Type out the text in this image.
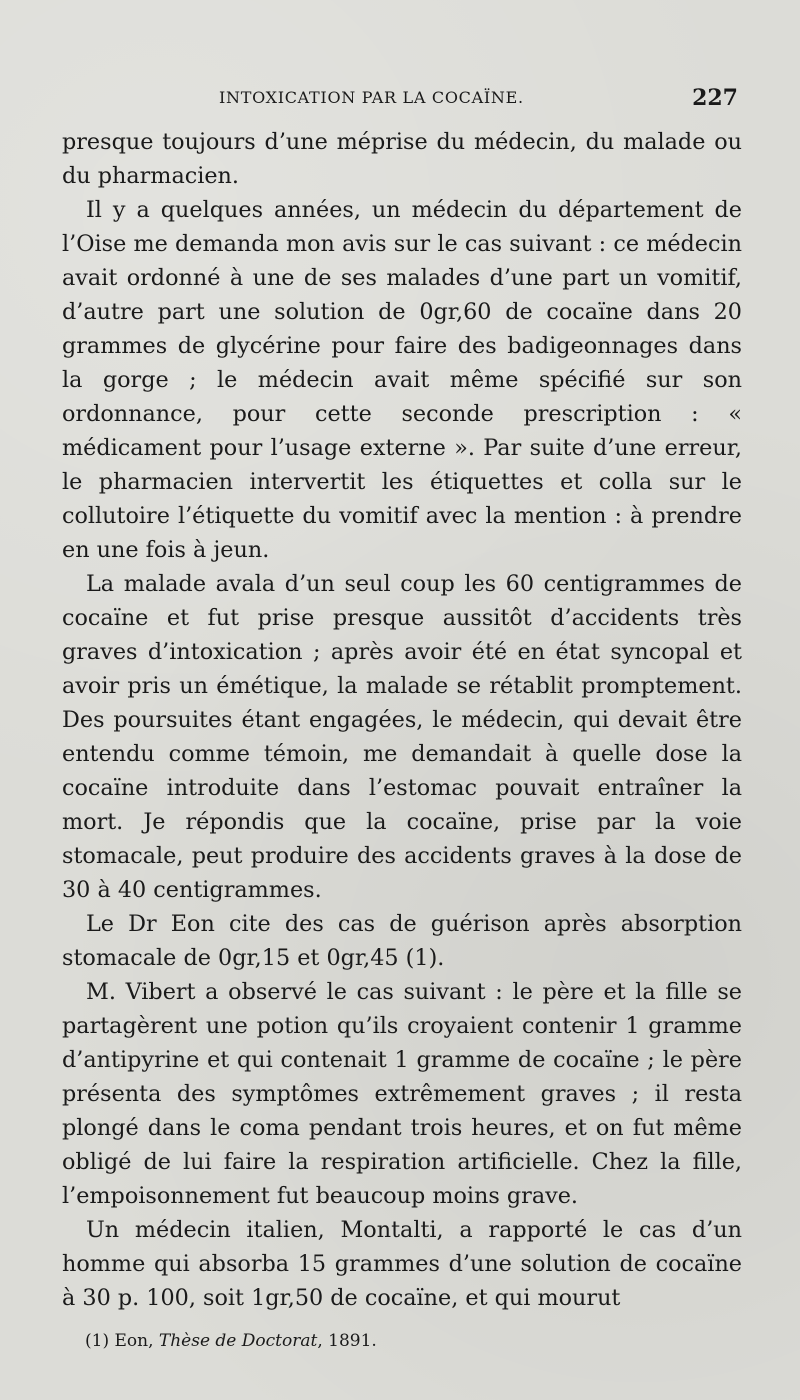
INTOXICATION PAR LA COCAÏNE.	227

presque toujours d’une méprise du médecin, du malade ou du pharmacien.

Il y a quelques années, un médecin du département de l’Oise me demanda mon avis sur le cas suivant : ce médecin avait ordonné à une de ses malades d’une part un vomitif, d’autre part une solution de 0gr,60 de cocaïne dans 20 grammes de glycérine pour faire des badigeonnages dans la gorge ; le médecin avait même spécifié sur son ordonnance, pour cette seconde prescription : « médicament pour l’usage externe ». Par suite d’une erreur, le pharmacien intervertit les étiquettes et colla sur le collutoire l’étiquette du vomitif avec la mention : à prendre en une fois à jeun.

La malade avala d’un seul coup les 60 centigrammes de cocaïne et fut prise presque aussitôt d’accidents très graves d’intoxication ; après avoir été en état syncopal et avoir pris un émétique, la malade se rétablit promptement. Des poursuites étant engagées, le médecin, qui devait être entendu comme témoin, me demandait à quelle dose la cocaïne introduite dans l’estomac pouvait entraîner la mort. Je répondis que la cocaïne, prise par la voie stomacale, peut produire des accidents graves à la dose de 30 à 40 centigrammes.

Le Dr Eon cite des cas de guérison après absorption stomacale de 0gr,15 et 0gr,45 (1).

M. Vibert a observé le cas suivant : le père et la fille se partagèrent une potion qu’ils croyaient contenir 1 gramme d’antipyrine et qui contenait 1 gramme de cocaïne ; le père présenta des symptômes extrêmement graves ; il resta plongé dans le coma pendant trois heures, et on fut même obligé de lui faire la respiration artificielle. Chez la fille, l’empoisonnement fut beaucoup moins grave.

Un médecin italien, Montalti, a rapporté le cas d’un homme qui absorba 15 grammes d’une solution de cocaïne à 30 p. 100, soit 1gr,50 de cocaïne, et qui mourut

(1) Eon, Thèse de Doctorat, 1891.
